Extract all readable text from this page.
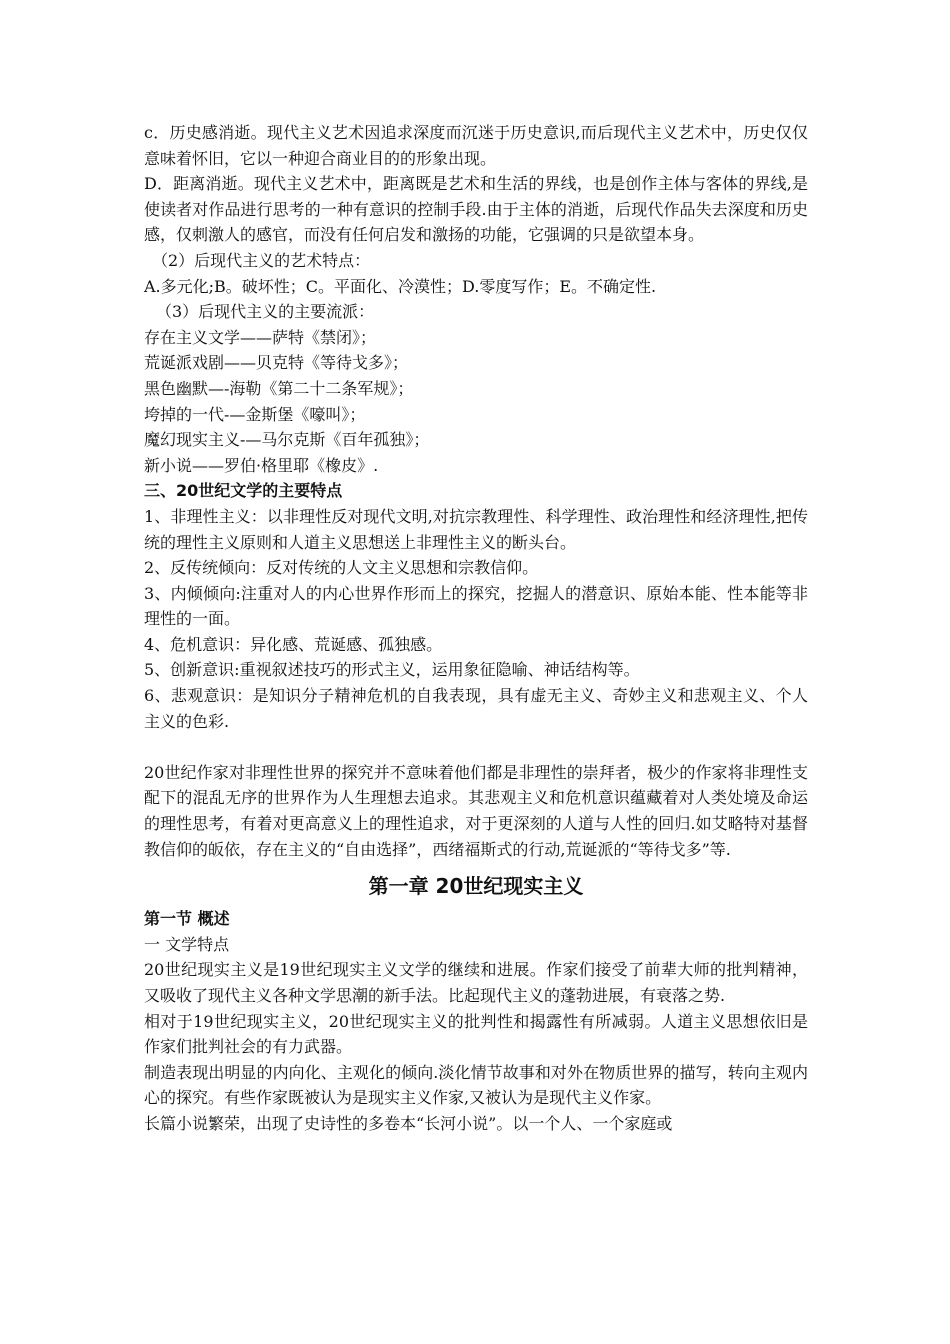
c．历史感消逝。现代主义艺术因追求深度而沉迷于历史意识,而后现代主义艺术中，历史仅仅意味着怀旧，它以一种迎合商业目的的形象出现。

D．距离消逝。现代主义艺术中，距离既是艺术和生活的界线，也是创作主体与客体的界线,是使读者对作品进行思考的一种有意识的控制手段.由于主体的消逝，后现代作品失去深度和历史感，仅刺激人的感官，而没有任何启发和激扬的功能，它强调的只是欲望本身。

（2）后现代主义的艺术特点：

A.多元化;B。破坏性；C。平面化、冷漠性；D.零度写作；E。不确定性.

（3）后现代主义的主要流派：

存在主义文学——萨特《禁闭》；

荒诞派戏剧——贝克特《等待戈多》；

黑色幽默—-海勒《第二十二条军规》；

垮掉的一代-—金斯堡《嚎叫》；

魔幻现实主义-—马尔克斯《百年孤独》；

新小说——罗伯·格里耶《橡皮》.

三、20世纪文学的主要特点

1、非理性主义：以非理性反对现代文明,对抗宗教理性、科学理性、政治理性和经济理性,把传统的理性主义原则和人道主义思想送上非理性主义的断头台。

2、反传统倾向：反对传统的人文主义思想和宗教信仰。

3、内倾倾向:注重对人的内心世界作形而上的探究，挖掘人的潜意识、原始本能、性本能等非理性的一面。

4、危机意识：异化感、荒诞感、孤独感。

5、创新意识:重视叙述技巧的形式主义，运用象征隐喻、神话结构等。

6、悲观意识：是知识分子精神危机的自我表现，具有虚无主义、奇妙主义和悲观主义、个人主义的色彩.

20世纪作家对非理性世界的探究并不意味着他们都是非理性的崇拜者，极少的作家将非理性支配下的混乱无序的世界作为人生理想去追求。其悲观主义和危机意识蕴藏着对人类处境及命运的理性思考，有着对更高意义上的理性追求，对于更深刻的人道与人性的回归.如艾略特对基督教信仰的皈依，存在主义的“自由选择”，西绪福斯式的行动,荒诞派的“等待戈多”等.

第一章 20世纪现实主义

第一节 概述

一 文学特点

20世纪现实主义是19世纪现实主义文学的继续和进展。作家们接受了前辈大师的批判精神，又吸收了现代主义各种文学思潮的新手法。比起现代主义的蓬勃进展，有衰落之势.

相对于19世纪现实主义，20世纪现实主义的批判性和揭露性有所减弱。人道主义思想依旧是作家们批判社会的有力武器。

制造表现出明显的内向化、主观化的倾向.淡化情节故事和对外在物质世界的描写，转向主观内心的探究。有些作家既被认为是现实主义作家,又被认为是现代主义作家。

长篇小说繁荣，出现了史诗性的多卷本“长河小说”。以一个人、一个家庭或
